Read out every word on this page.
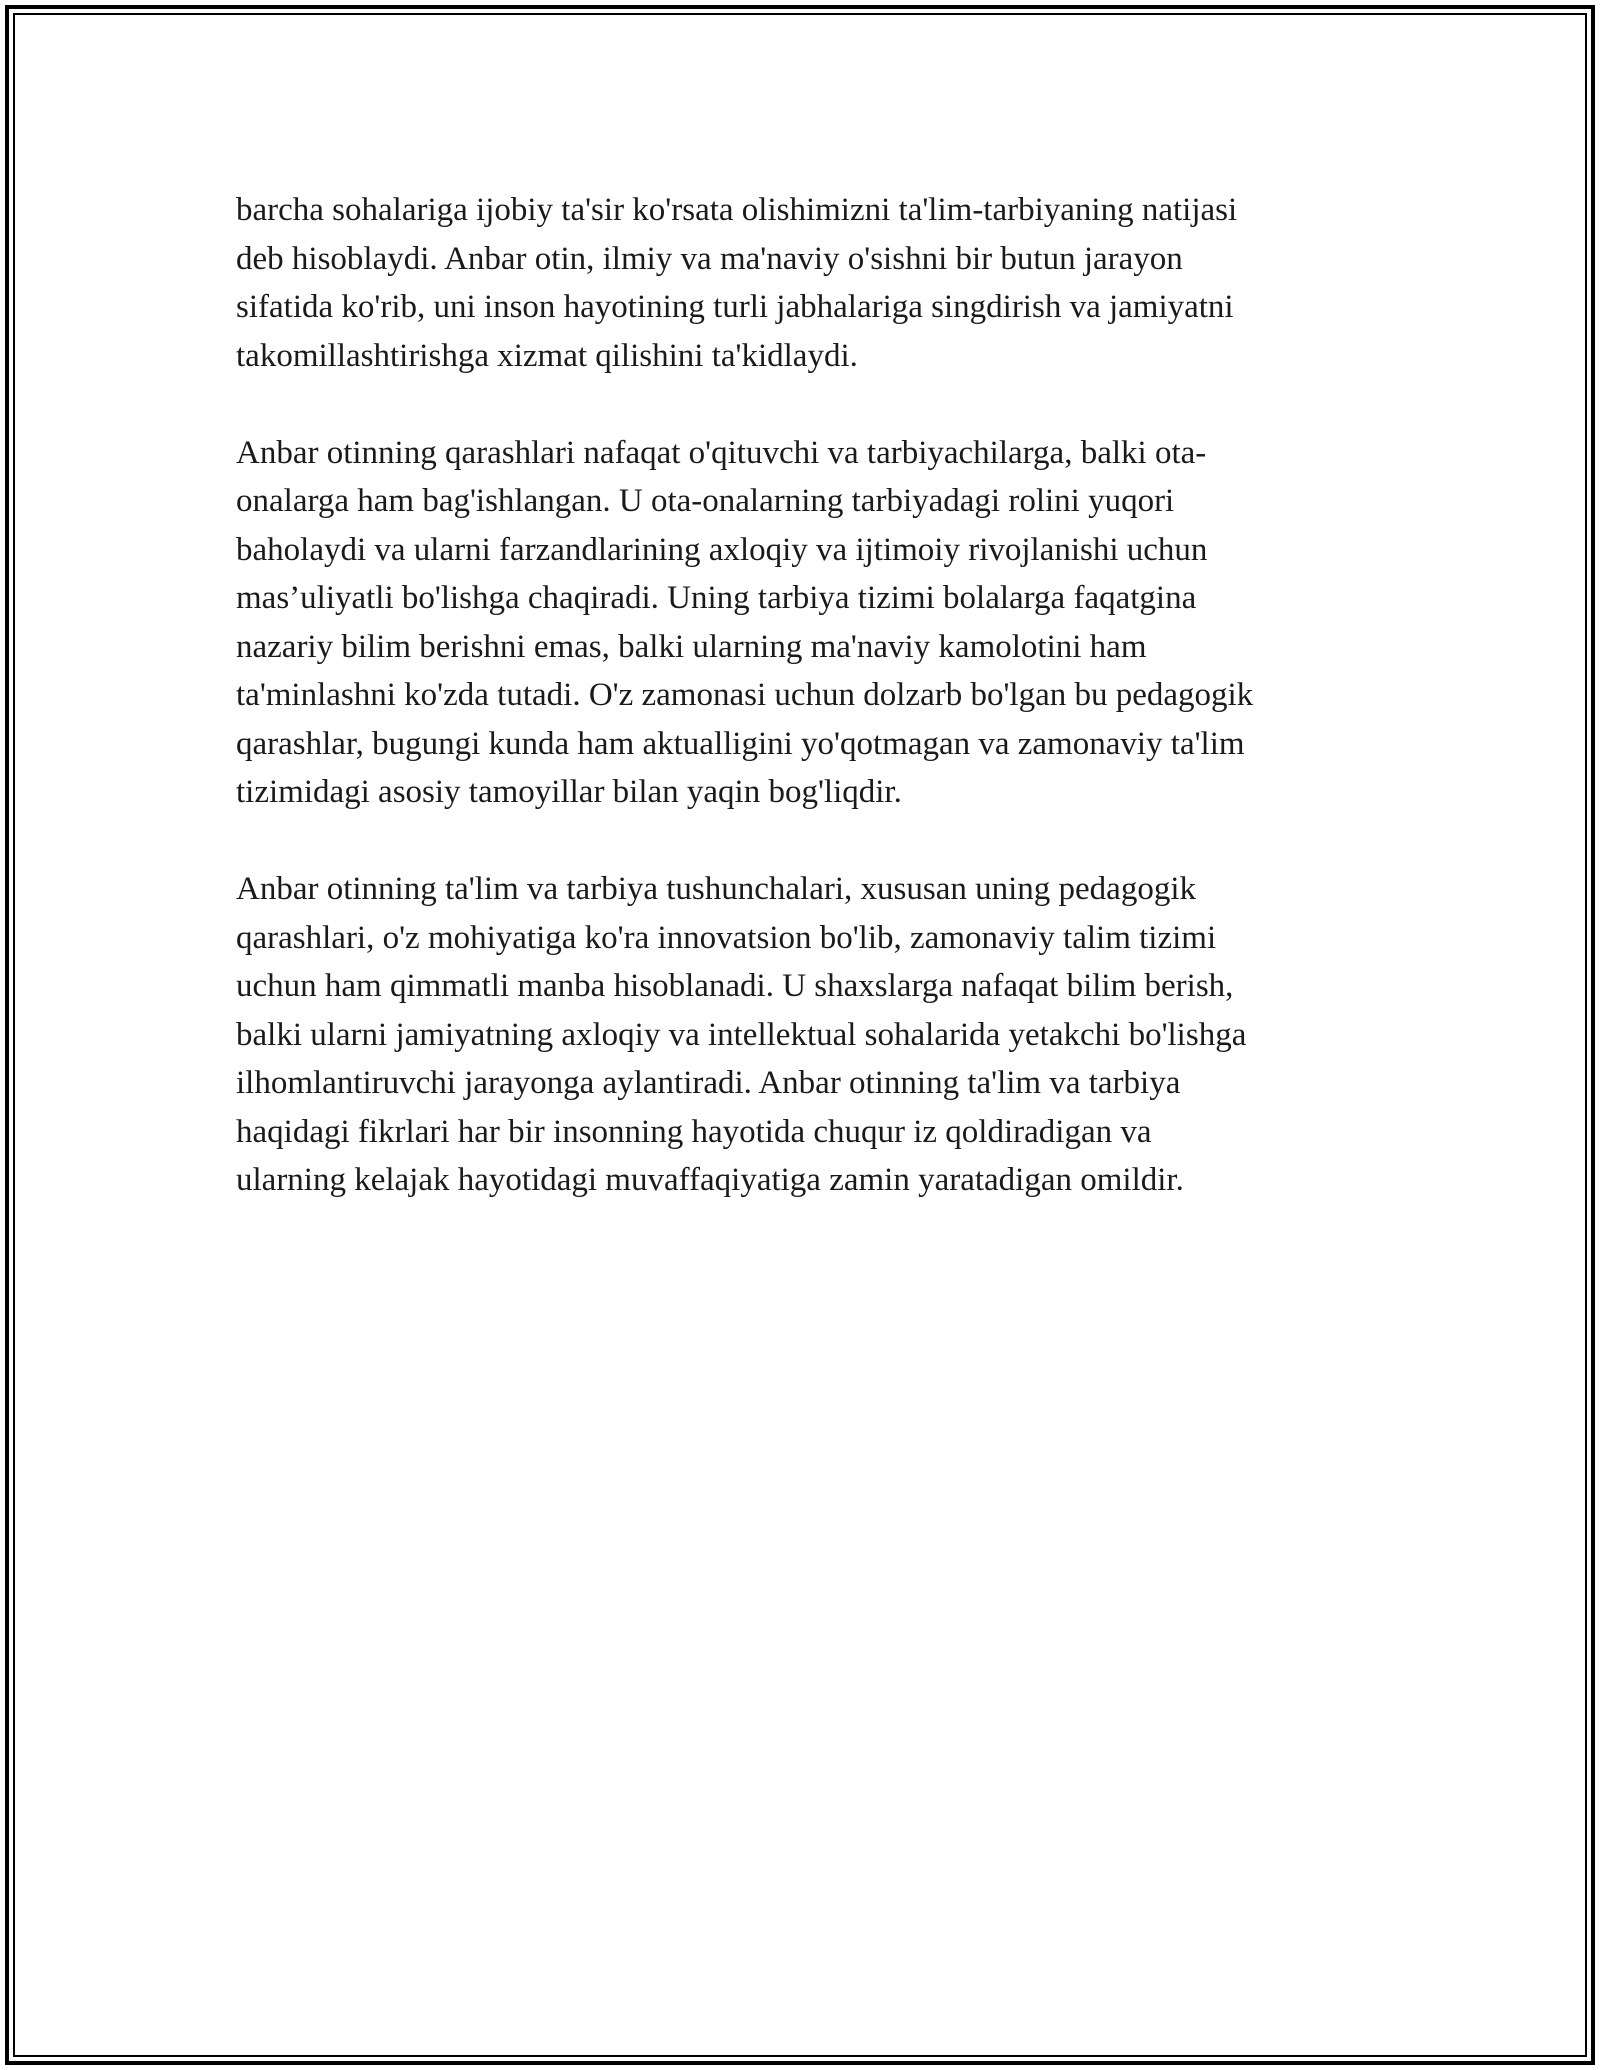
barcha sohalariga ijobiy ta'sir ko'rsata olishimizni ta'lim-tarbiyaning natijasi
deb hisoblaydi. Anbar otin, ilmiy va ma'naviy o'sishni bir butun jarayon
sifatida ko'rib, uni inson hayotining turli jabhalariga singdirish va jamiyatni
takomillashtirishga xizmat qilishini ta'kidlaydi.

Anbar otinning qarashlari nafaqat o'qituvchi va tarbiyachilarga, balki ota-
onalarga ham bag'ishlangan. U ota-onalarning tarbiyadagi rolini yuqori
baholaydi va ularni farzandlarining axloqiy va ijtimoiy rivojlanishi uchun
mas’uliyatli bo'lishga chaqiradi. Uning tarbiya tizimi bolalarga faqatgina
nazariy bilim berishni emas, balki ularning ma'naviy kamolotini ham
ta'minlashni ko'zda tutadi. O'z zamonasi uchun dolzarb bo'lgan bu pedagogik
qarashlar, bugungi kunda ham aktualligini yo'qotmagan va zamonaviy ta'lim
tizimidagi asosiy tamoyillar bilan yaqin bog'liqdir.

Anbar otinning ta'lim va tarbiya tushunchalari, xususan uning pedagogik
qarashlari, o'z mohiyatiga ko'ra innovatsion bo'lib, zamonaviy talim tizimi
uchun ham qimmatli manba hisoblanadi. U shaxslarga nafaqat bilim berish,
balki ularni jamiyatning axloqiy va intellektual sohalarida yetakchi bo'lishga
ilhomlantiruvchi jarayonga aylantiradi. Anbar otinning ta'lim va tarbiya
haqidagi fikrlari har bir insonning hayotida chuqur iz qoldiradigan va
ularning kelajak hayotidagi muvaffaqiyatiga zamin yaratadigan omildir.
